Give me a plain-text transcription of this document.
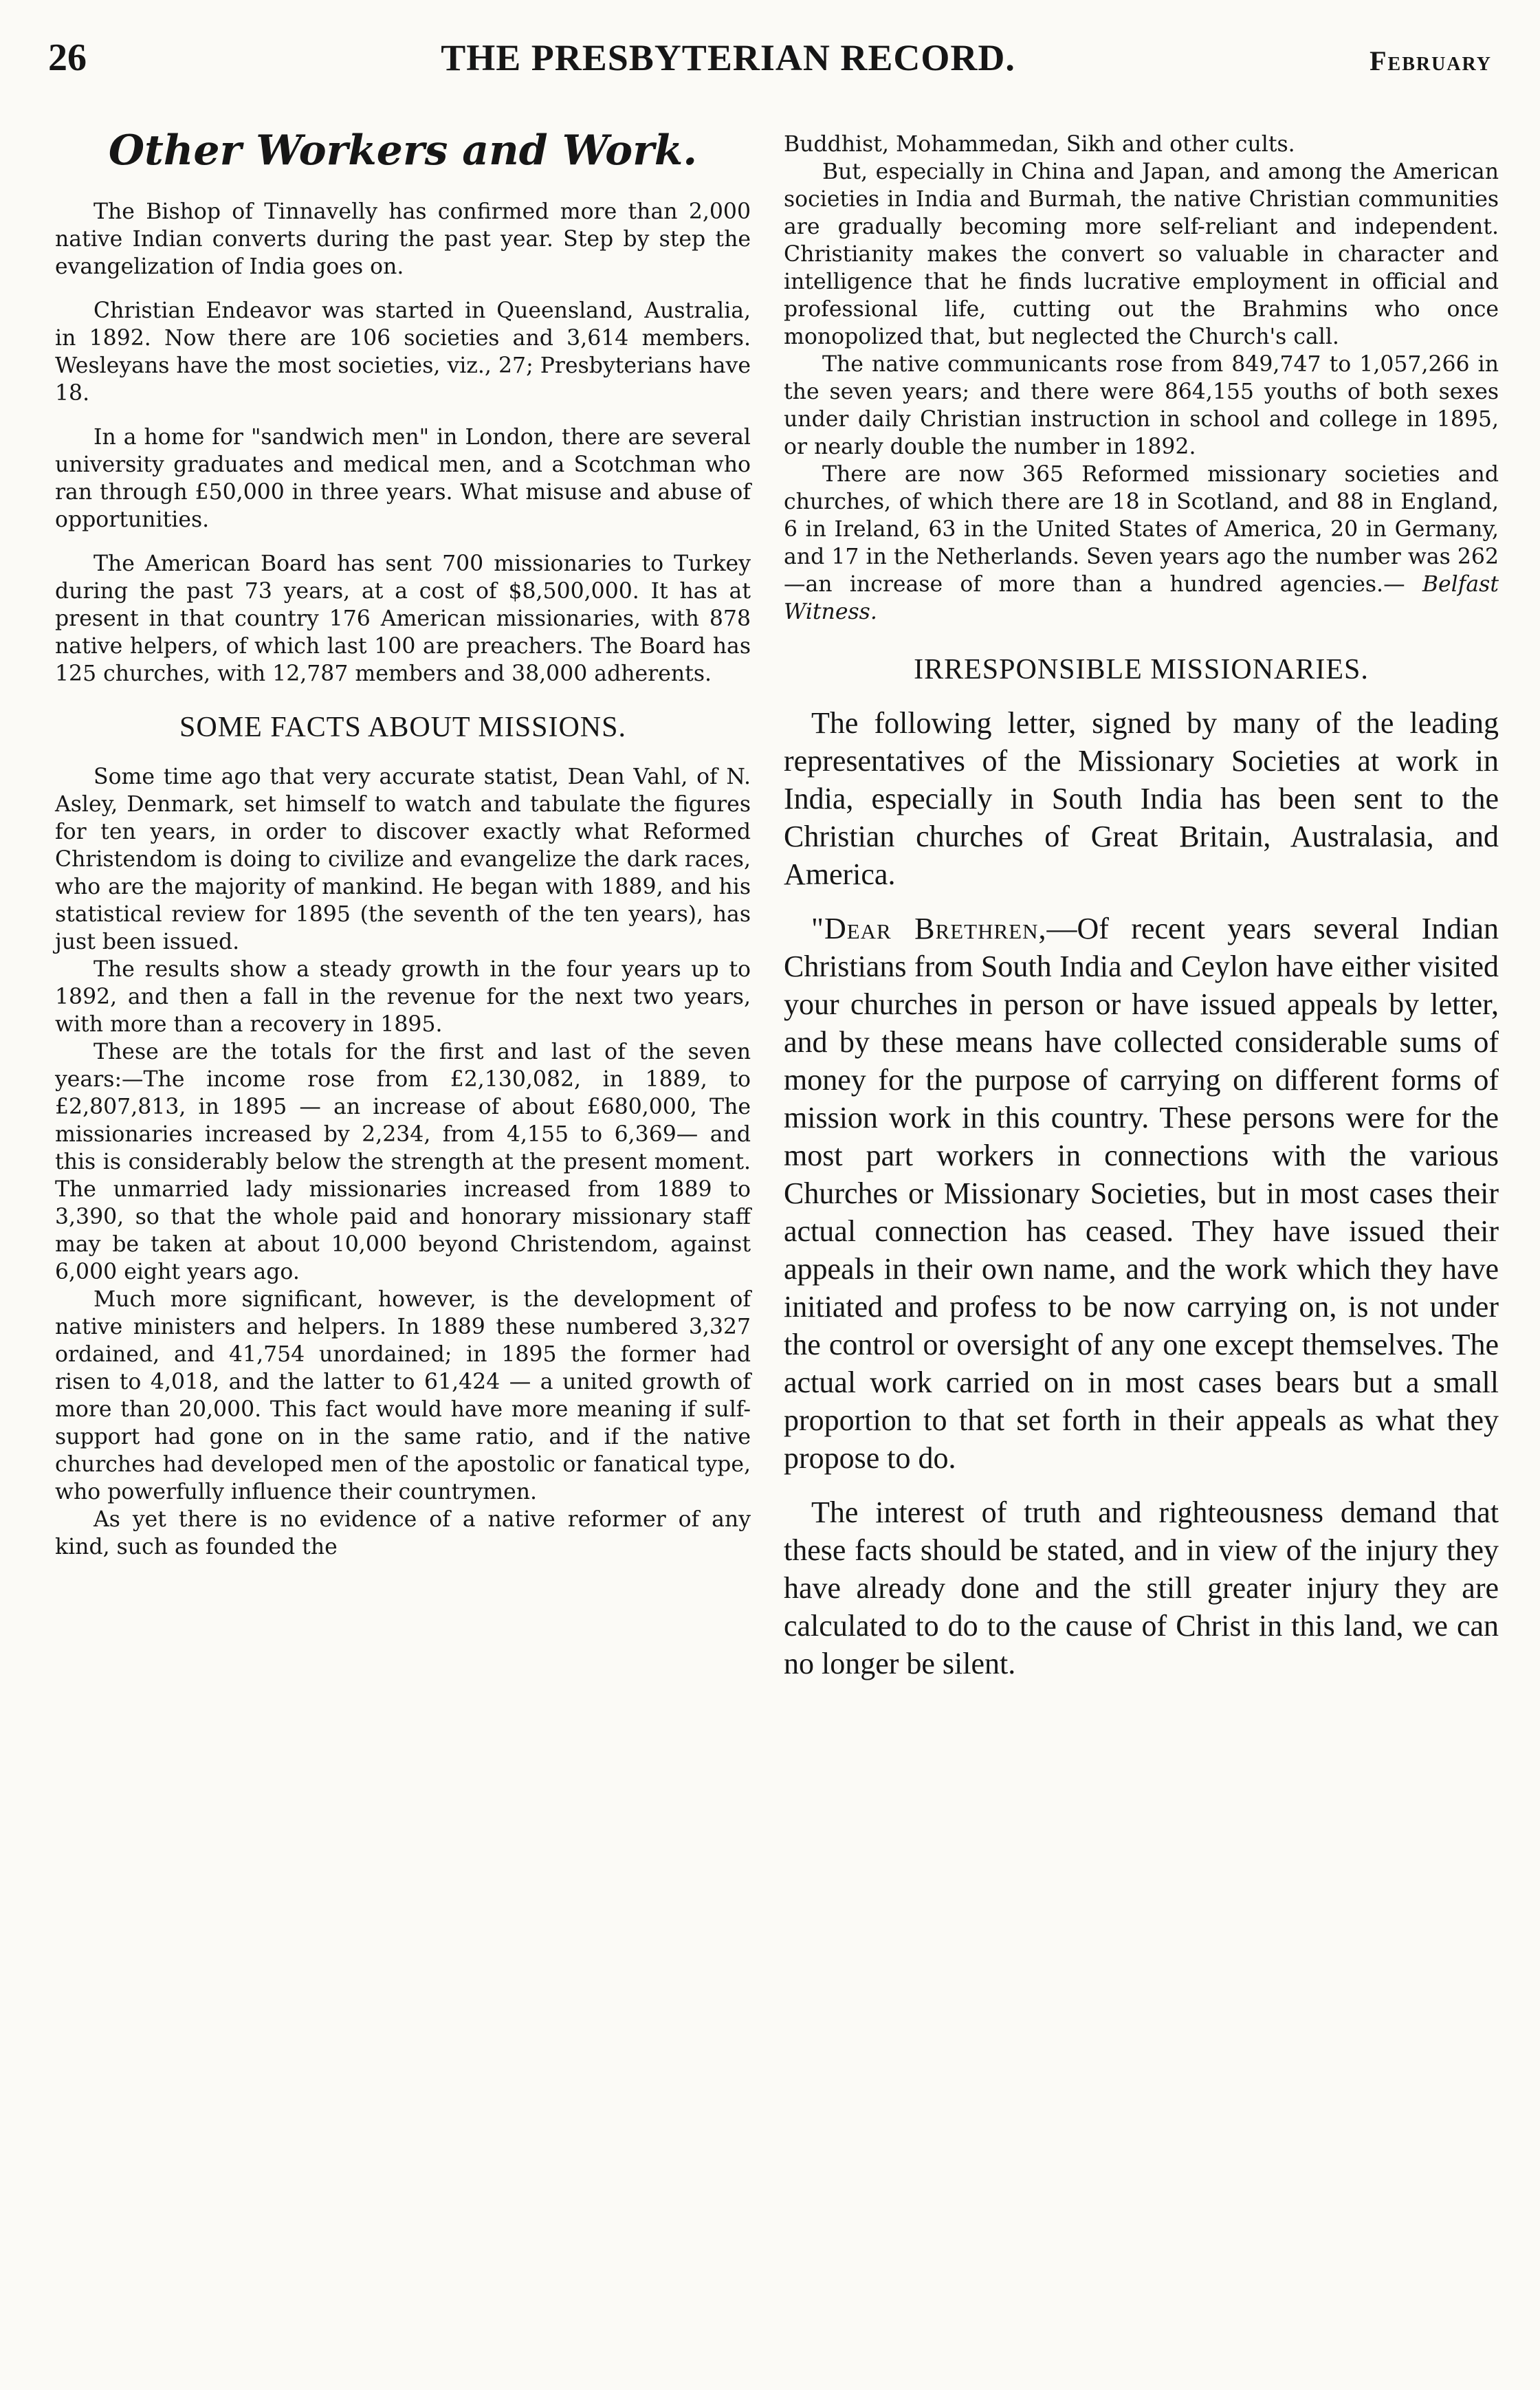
26	THE PRESBYTERIAN RECORD.	February
Other Workers and Work.

The Bishop of Tinnavelly has confirmed more than 2,000 native Indian converts during the past year. Step by step the evangelization of India goes on.

Christian Endeavor was started in Queensland, Australia, in 1892. Now there are 106 societies and 3,614 members. Wesleyans have the most societies, viz., 27; Presbyterians have 18.

In a home for "sandwich men" in London, there are several university graduates and medical men, and a Scotchman who ran through £50,000 in three years. What misuse and abuse of opportunities.

The American Board has sent 700 missionaries to Turkey during the past 73 years, at a cost of $8,500,000. It has at present in that country 176 American missionaries, with 878 native helpers, of which last 100 are preachers. The Board has 125 churches, with 12,787 members and 38,000 adherents.

SOME FACTS ABOUT MISSIONS.

Some time ago that very accurate statist, Dean Vahl, of N. Asley, Denmark, set himself to watch and tabulate the figures for ten years, in order to discover exactly what Reformed Christendom is doing to civilize and evangelize the dark races, who are the majority of mankind. He began with 1889, and his statistical review for 1895 (the seventh of the ten years), has just been issued.

The results show a steady growth in the four years up to 1892, and then a fall in the revenue for the next two years, with more than a recovery in 1895.

These are the totals for the first and last of the seven years:—The income rose from £2,130,082, in 1889, to £2,807,813, in 1895 — an increase of about £680,000, The missionaries increased by 2,234, from 4,155 to 6,369— and this is considerably below the strength at the present moment. The unmarried lady missionaries increased from 1889 to 3,390, so that the whole paid and honorary missionary staff may be taken at about 10,000 beyond Christendom, against 6,000 eight years ago.

Much more significant, however, is the development of native ministers and helpers. In 1889 these numbered 3,327 ordained, and 41,754 unordained; in 1895 the former had risen to 4,018, and the latter to 61,424 — a united growth of more than 20,000. This fact would have more meaning if sulf-support had gone on in the same ratio, and if the native churches had developed men of the apostolic or fanatical type, who powerfully influence their countrymen.

As yet there is no evidence of a native reformer of any kind, such as founded the

Buddhist, Mohammedan, Sikh and other cults.

But, especially in China and Japan, and among the American societies in India and Burmah, the native Christian communities are gradually becoming more self-reliant and independent. Christianity makes the convert so valuable in character and intelligence that he finds lucrative employment in official and professional life, cutting out the Brahmins who once monopolized that, but neglected the Church's call.

The native communicants rose from 849,747 to 1,057,266 in the seven years; and there were 864,155 youths of both sexes under daily Christian instruction in school and college in 1895, or nearly double the number in 1892.

There are now 365 Reformed missionary societies and churches, of which there are 18 in Scotland, and 88 in England, 6 in Ireland, 63 in the United States of America, 20 in Germany, and 17 in the Netherlands. Seven years ago the number was 262—an increase of more than a hundred agencies.— Belfast Witness.

IRRESPONSIBLE MISSIONARIES.

The following letter, signed by many of the leading representatives of the Missionary Societies at work in India, especially in South India has been sent to the Christian churches of Great Britain, Australasia, and America.

"Dear Brethren,—Of recent years several Indian Christians from South India and Ceylon have either visited your churches in person or have issued appeals by letter, and by these means have collected considerable sums of money for the purpose of carrying on different forms of mission work in this country. These persons were for the most part workers in connections with the various Churches or Missionary Societies, but in most cases their actual connection has ceased. They have issued their appeals in their own name, and the work which they have initiated and profess to be now carrying on, is not under the control or oversight of any one except themselves. The actual work carried on in most cases bears but a small proportion to that set forth in their appeals as what they propose to do.

The interest of truth and righteousness demand that these facts should be stated, and in view of the injury they have already done and the still greater injury they are calculated to do to the cause of Christ in this land, we can no longer be silent.
